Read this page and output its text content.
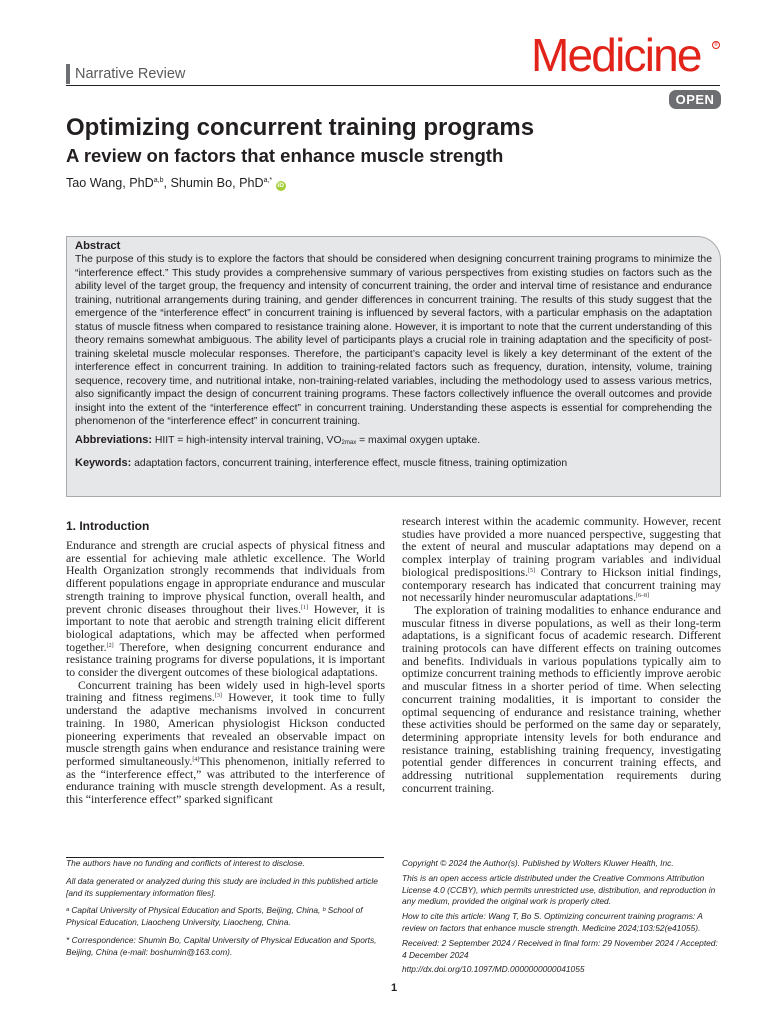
Narrative Review	Medicine	®
OPEN
Optimizing concurrent training programs
A review on factors that enhance muscle strength
Tao Wang, PhD$^{a,b}$, Shumin Bo, PhD$^{a,*}$ iD
Abstract

The purpose of this study is to explore the factors that should be considered when designing concurrent training programs to minimize the “interference effect.” This study provides a comprehensive summary of various perspectives from existing studies on factors such as the ability level of the target group, the frequency and intensity of concurrent training, the order and interval time of resistance and endurance training, nutritional arrangements during training, and gender differences in concurrent training. The results of this study suggest that the emergence of the “interference effect” in concurrent training is influenced by several factors, with a particular emphasis on the adaptation status of muscle fitness when compared to resistance training alone. However, it is important to note that the current understanding of this theory remains somewhat ambiguous. The ability level of participants plays a crucial role in training adaptation and the specificity of post-training skeletal muscle molecular responses. Therefore, the participant’s capacity level is likely a key determinant of the extent of the interference effect in concurrent training. In addition to training-related factors such as frequency, duration, intensity, volume, training sequence, recovery time, and nutritional intake, non-training-related variables, including the methodology used to assess various metrics, also significantly impact the design of concurrent training programs. These factors collectively influence the overall outcomes and provide insight into the extent of the “interference effect” in concurrent training. Understanding these aspects is essential for comprehending the phenomenon of the “interference effect” in concurrent training.

Abbreviations: HIIT = high-intensity interval training, VO2max = maximal oxygen uptake.

Keywords: adaptation factors, concurrent training, interference effect, muscle fitness, training optimization

1. Introduction

Endurance and strength are crucial aspects of physical fitness and are essential for achieving male athletic excellence. The World Health Organization strongly recommends that individuals from different populations engage in appropriate endurance and muscular strength training to improve physical function, overall health, and prevent chronic diseases throughout their lives.[1] However, it is important to note that aerobic and strength training elicit different biological adaptations, which may be affected when performed together.[2] Therefore, when designing concurrent endurance and resistance training programs for diverse populations, it is important to consider the divergent outcomes of these biological adaptations.

Concurrent training has been widely used in high-level sports training and fitness regimens.[3] However, it took time to fully understand the adaptive mechanisms involved in concurrent training. In 1980, American physiologist Hickson conducted pioneering experiments that revealed an observable impact on muscle strength gains when endurance and resistance training were performed simultaneously.[4]This phenomenon, initially referred to as the “interference effect,” was attributed to the interference of endurance training with muscle strength development. As a result, this “interference effect” sparked significant

research interest within the academic community. However, recent studies have provided a more nuanced perspective, suggesting that the extent of neural and muscular adaptations may depend on a complex interplay of training program variables and individual biological predispositions.[5] Contrary to Hickson initial findings, contemporary research has indicated that concurrent training may not necessarily hinder neuromuscular adaptations.[6–8]

The exploration of training modalities to enhance endurance and muscular fitness in diverse populations, as well as their long-term adaptations, is a significant focus of academic research. Different training protocols can have different effects on training outcomes and benefits. Individuals in various populations typically aim to optimize concurrent training methods to efficiently improve aerobic and muscular fitness in a shorter period of time. When selecting concurrent training modalities, it is important to consider the optimal sequencing of endurance and resistance training, whether these activities should be performed on the same day or separately, determining appropriate intensity levels for both endurance and resistance training, establishing training frequency, investigating potential gender differences in concurrent training effects, and addressing nutritional supplementation requirements during concurrent training.

The authors have no funding and conflicts of interest to disclose.

All data generated or analyzed during this study are included in this published article [and its supplementary information files].

ᵃ Capital University of Physical Education and Sports, Beijing, China, ᵇ School of Physical Education, Liaocheng University, Liaocheng, China.

* Correspondence: Shumin Bo, Capital University of Physical Education and Sports, Beijing, China (e-mail: boshumin@163.com).

Copyright © 2024 the Author(s). Published by Wolters Kluwer Health, Inc.

This is an open access article distributed under the Creative Commons Attribution License 4.0 (CCBY), which permits unrestricted use, distribution, and reproduction in any medium, provided the original work is properly cited.

How to cite this article: Wang T, Bo S. Optimizing concurrent training programs: A review on factors that enhance muscle strength. Medicine 2024;103:52(e41055).

Received: 2 September 2024 / Received in final form: 29 November 2024 / Accepted: 4 December 2024

http://dx.doi.org/10.1097/MD.0000000000041055

1
